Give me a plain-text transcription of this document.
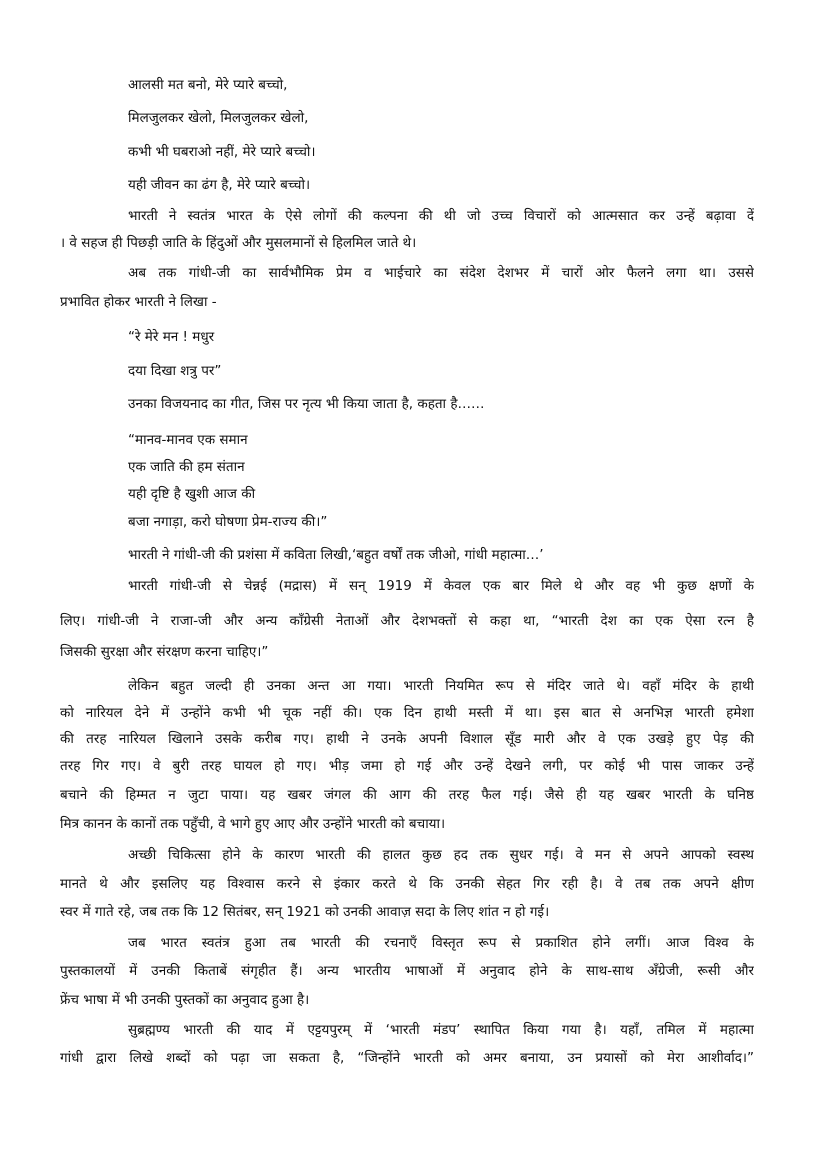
आलसी मत बनो, मेरे प्यारे बच्चो,
मिलजुलकर खेलो, मिलजुलकर खेलो,
कभी भी घबराओ नहीं, मेरे प्यारे बच्चो।
यही जीवन का ढंग है, मेरे प्यारे बच्चो।
भारती ने स्वतंत्र भारत के ऐसे लोगों की कल्पना की थी जो उच्च विचारों को आत्मसात कर उन्हें बढ़ावा दें
। वे सहज ही पिछड़ी जाति के हिंदुओं और मुसलमानों से हिलमिल जाते थे।
अब तक गांधी-जी का सार्वभौमिक प्रेम व भाईचारे का संदेश देशभर में चारों ओर फैलने लगा था। उससे
प्रभावित होकर भारती ने लिखा -
“रे मेरे मन ! मधुर
दया दिखा शत्रु पर”
उनका विजयनाद का गीत, जिस पर नृत्य भी किया जाता है, कहता है……
“मानव-मानव एक समान
एक जाति की हम संतान
यही दृष्टि है खुशी आज की
बजा नगाड़ा, करो घोषणा प्रेम-राज्य की।”
भारती ने गांधी-जी की प्रशंसा में कविता लिखी,‘बहुत वर्षों तक जीओ, गांधी महात्मा…’
भारती गांधी-जी से चेन्नई (मद्रास) में सन् 1919 में केवल एक बार मिले थे और वह भी कुछ क्षणों के
लिए। गांधी-जी ने राजा-जी और अन्य काँग्रेसी नेताओं और देशभक्तों से कहा था, “भारती देश का एक ऐसा रत्न है
जिसकी सुरक्षा और संरक्षण करना चाहिए।”
लेकिन बहुत जल्दी ही उनका अन्त आ गया। भारती नियमित रूप से मंदिर जाते थे। वहाँ मंदिर के हाथी
को नारियल देने में उन्होंने कभी भी चूक नहीं की। एक दिन हाथी मस्ती में था। इस बात से अनभिज्ञ भारती हमेशा
की तरह नारियल खिलाने उसके करीब गए। हाथी ने उनके अपनी विशाल सूँड मारी और वे एक उखड़े हुए पेड़ की
तरह गिर गए। वे बुरी तरह घायल हो गए। भीड़ जमा हो गई और उन्हें देखने लगी, पर कोई भी पास जाकर उन्हें
बचाने की हिम्मत न जुटा पाया। यह खबर जंगल की आग की तरह फैल गई। जैसे ही यह खबर भारती के घनिष्ठ
मित्र कानन के कानों तक पहुँची, वे भागे हुए आए और उन्होंने भारती को बचाया।
अच्छी चिकित्सा होने के कारण भारती की हालत कुछ हद तक सुधर गई। वे मन से अपने आपको स्वस्थ
मानते थे और इसलिए यह विश्वास करने से इंकार करते थे कि उनकी सेहत गिर रही है। वे तब तक अपने क्षीण
स्वर में गाते रहे, जब तक कि 12 सितंबर, सन् 1921 को उनकी आवाज़ सदा के लिए शांत न हो गई।
जब भारत स्वतंत्र हुआ तब भारती की रचनाएँ विस्तृत रूप से प्रकाशित होने लगीं। आज विश्व के
पुस्तकालयों में उनकी किताबें संगृहीत हैं। अन्य भारतीय भाषाओं में अनुवाद होने के साथ-साथ अँग्रेजी, रूसी और
फ्रेंच भाषा में भी उनकी पुस्तकों का अनुवाद हुआ है।
सुब्रह्मण्य भारती की याद में एट्टयपुरम् में ‘भारती मंडप’ स्थापित किया गया है। यहाँ, तमिल में महात्मा
गांधी द्वारा लिखे शब्दों को पढ़ा जा सकता है, “जिन्होंने भारती को अमर बनाया, उन प्रयासों को मेरा आशीर्वाद।”
